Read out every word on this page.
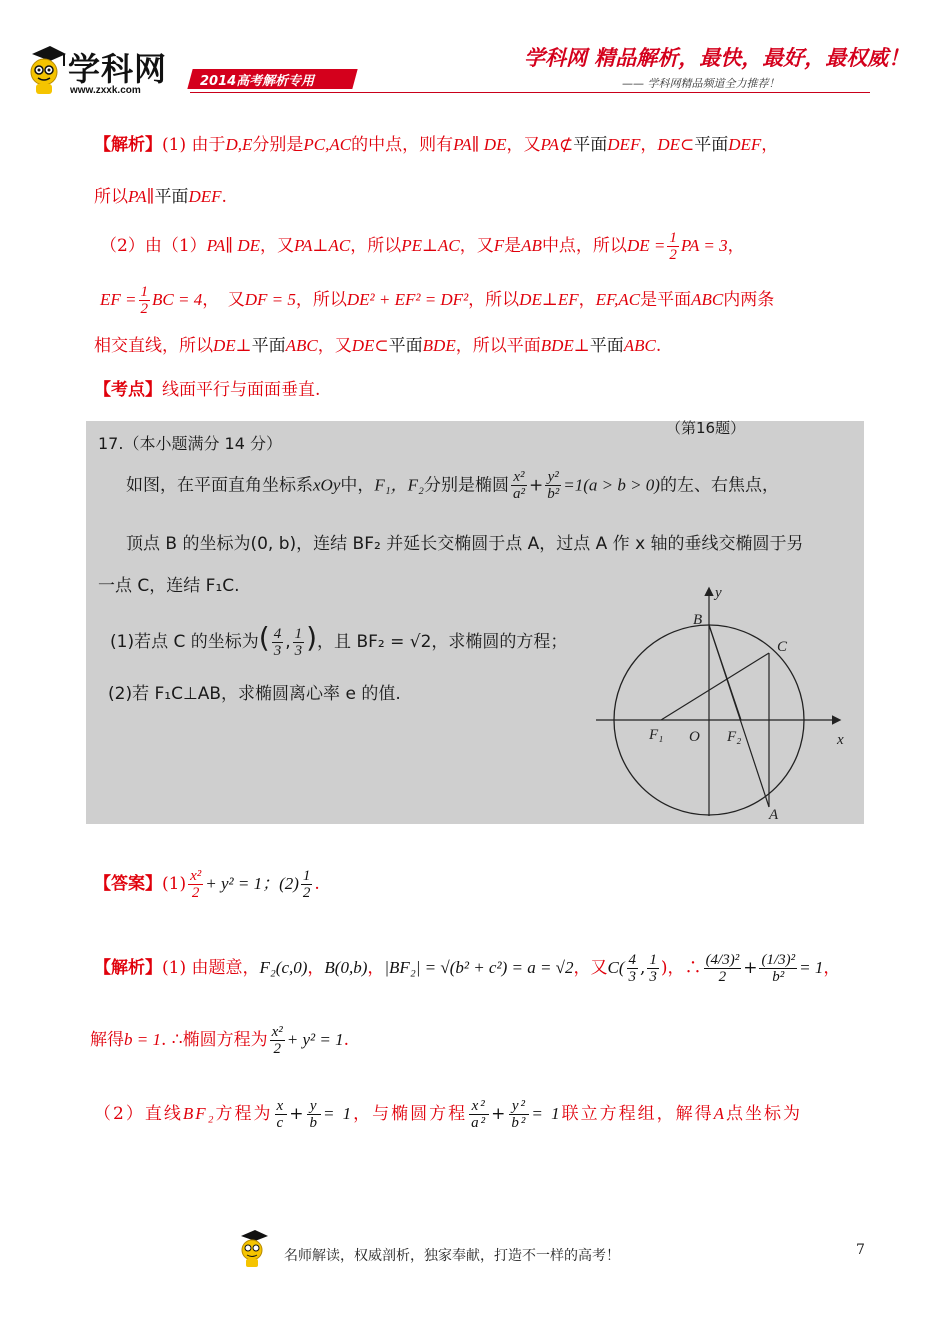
学科网
www.zxxk.com
2014高考解析专用
学科网 精品解析，最快，最好，最权威！
—— 学科网精品频道全力推荐！
【解析】(1) 由于D,E分别是PC,AC的中点，则有PA∥ DE，又PA⊄平面DEF，DE⊂平面DEF，
所以PA∥平面DEF.
（2）由（1）PA∥ DE，又PA⊥AC，所以PE⊥AC，又F是AB中点，所以DE = $\frac{1}{2}$ PA = 3，
EF = $\frac{1}{2}$ BC = 4，　又DF = 5，所以DE² + EF² = DF²，所以DE⊥EF，EF,AC是平面ABC内两条
相交直线，所以DE⊥平面ABC，又DE⊂平面BDE，所以平面BDE⊥平面ABC.
【考点】线面平行与面面垂直.
（第16题）
17.（本小题满分 14 分）
如图，在平面直角坐标系xOy中，F₁，F₂分别是椭圆 $\frac{\text{x²}}{\text{a²}} + \frac{\text{y²}}{\text{b²}} =1(a > b > 0)$的左、右焦点，
顶点 B 的坐标为(0, b)，连结 BF₂ 并延长交椭圆于点 A，过点 A 作 x 轴的垂线交椭圆于另
一点 C，连结 F₁C.
(1)若点 C 的坐标为( $\frac{4}{3}$ , $\frac{1}{3}$ )，且 BF₂ = √2，求椭圆的方程；
(2)若 F₁C⊥AB，求椭圆离心率 e 的值.
y
x
B
C
F₁ O F₂
A
【答案】$(1) \frac{\text{x²}}{2} + y^2 = 1$；$(2) \frac{1}{2}$ .
【解析】(1) 由题意，F₂(c,0)，B(0,b)，|BF₂| = √(b² + c²) = a = √2，又$C( \frac{4}{3}$ , $\frac{1}{3}$ )，∴ $\frac{\text{(4/3)²}}{2} + \frac{\text{(1/3)²}}{\text{b²}} = 1$，
解得b = 1. ∴椭圆方程为 $\frac{\text{x²}}{2} + y^2 = 1$.
（2）直线BF₂方程为 $\frac{x}{c} + \frac{y}{b} = 1$，与椭圆方程 $\frac{\text{x²}}{\text{a²}} + \frac{\text{y²}}{\text{b²}} = 1$联立方程组，解得A点坐标为
名师解读，权威剖析，独家奉献，打造不一样的高考！	7
